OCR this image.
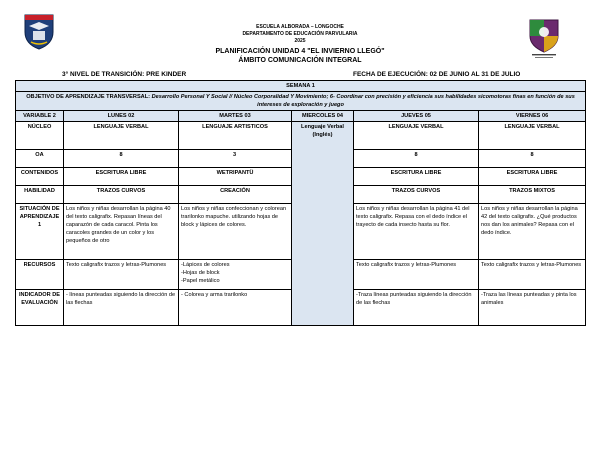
ESCUELA ALBORADA – LONGOCHE
DEPARTAMENTO DE EDUCACIÓN PARVULARIA
2025
PLANIFICACIÓN UNIDAD 4 "EL INVIERNO LLEGÓ"
ÁMBITO COMUNICACIÓN INTEGRAL
3° NIVEL DE TRANSICIÓN: PRE KINDER	FECHA DE EJECUCIÓN: 02 DE JUNIO AL 31 DE JULIO
SEMANA 1					
OBJETIVO DE APRENDIZAJE TRANSVERSAL: Desarrollo Personal Y Social // Núcleo Corporalidad Y Movimiento; 6- Coordinar con precisión y eficiencia sus habilidades sicomotoras finas en función de sus intereses de exploración y juego					
VARIABLE 2	LUNES 02	MARTES 03	MIERCOLES 04	JUEVES 05	VIERNES 06
NÚCLEO	LENGUAJE VERBAL	LENGUAJE ARTISTICOS	Lenguaje Verbal (Inglés)	LENGUAJE VERBAL	LENGUAJE VERBAL
OA	8	3		8	8
CONTENIDOS	ESCRITURA LIBRE	WETRIPANTÜ		ESCRITURA LIBRE	ESCRITURA LIBRE
HABILIDAD	TRAZOS CURVOS	CREACIÓN		TRAZOS CURVOS	TRAZOS MIXTOS
SITUACIÓN DE APRENDIZAJE 1	Los niños y niñas desarrollan la página 40 del texto caligrafix. Repasan líneas del caparazón de cada caracol. Pinta los caracoles grandes de un color y los pequeños de otro	Los niños y niñas confeccionan y colorean trarilonko mapuche. utilizando hojas de block y lápices de colores.		Los niños y niñas desarrollan la página 41 del texto caligrafix. Repasa con el dedo índice el trayecto de cada insecto hasta su flor.	Los niños y niñas desarrollan la página 42 del texto caligrafix. ¿Qué productos nos dan los animales? Repasa con el dedo índice.
RECURSOS	Texto caligrafix trazos y letras-Plumones	-Lápices de colores
-Hojas de block
-Papel metálico		Texto caligrafix trazos y letras-Plumones	Texto caligrafix trazos y letras-Plumones
INDICADOR DE EVALUACIÓN	- líneas punteadas siguiendo la dirección de las flechas	- Colorea y arma trarilonko		-Traza líneas punteadas siguiendo la dirección de las flechas	-Traza las líneas punteadas y pinta los animales
